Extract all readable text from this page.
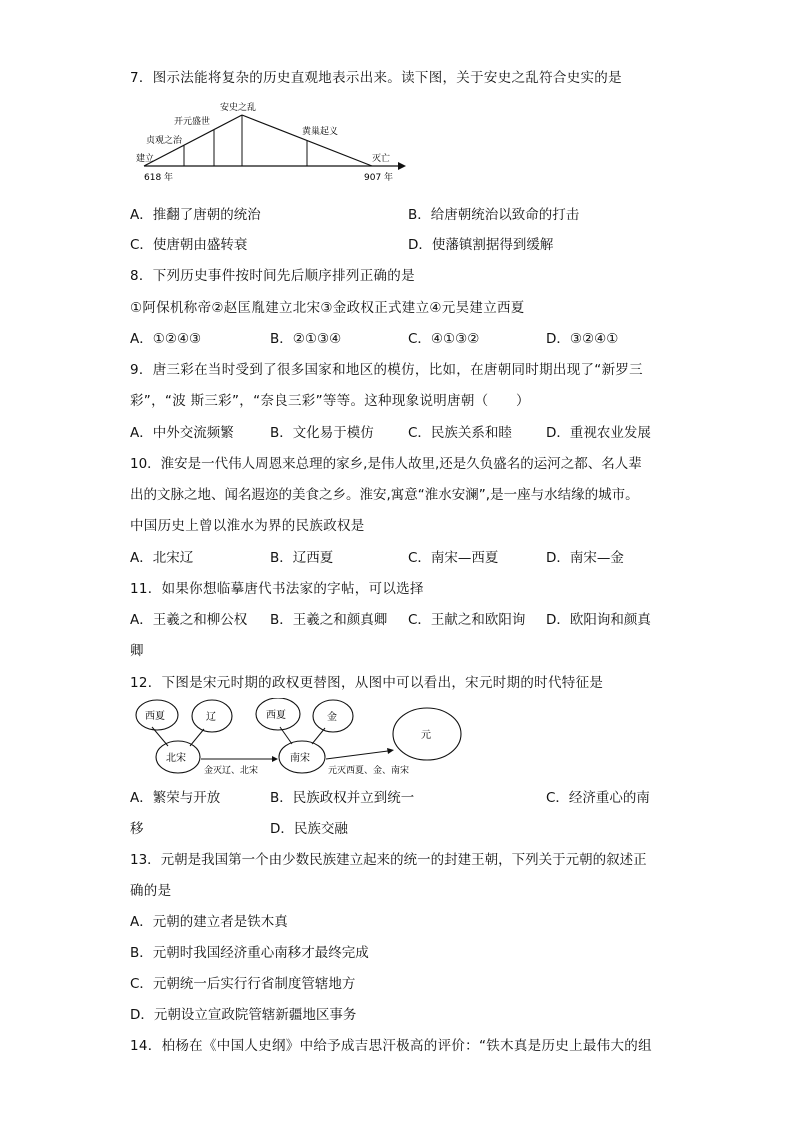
7．图示法能将复杂的历史直观地表示出来。读下图，关于安史之乱符合史实的是
安史之乱
开元盛世
贞观之治
建立
黄巢起义
灭亡
618 年	907 年
A．推翻了唐朝的统治	B．给唐朝统治以致命的打击
C．使唐朝由盛转衰	D．使藩镇割据得到缓解
8．下列历史事件按时间先后顺序排列正确的是
①阿保机称帝②赵匡胤建立北宋③金政权正式建立④元昊建立西夏
A．①②④③	B．②①③④	C．④①③②	D．③②④①
9．唐三彩在当时受到了很多国家和地区的模仿，比如，在唐朝同时期出现了“新罗三
彩”，“波 斯三彩”，“奈良三彩”等等。这种现象说明唐朝（　　）
A．中外交流频繁	B．文化易于模仿	C．民族关系和睦	D．重视农业发展
10．淮安是一代伟人周恩来总理的家乡,是伟人故里,还是久负盛名的运河之都、名人辈
出的文脉之地、闻名遐迩的美食之乡。淮安,寓意“淮水安澜”,是一座与水结缘的城市。
中国历史上曾以淮水为界的民族政权是
A．北宋辽	B．辽西夏	C．南宋—西夏	D．南宋—金
11．如果你想临摹唐代书法家的字帖，可以选择
A．王羲之和柳公权 B．王羲之和颜真卿 C．王献之和欧阳询 D．欧阳询和颜真
卿
12．下图是宋元时期的政权更替图，从图中可以看出，宋元时期的时代特征是
西夏	辽
北宋
西夏	金
南宋
元
金灭辽、北宋	元灭西夏、金、南宋
A．繁荣与开放	B．民族政权并立到统一	C．经济重心的南
移	D．民族交融
13．元朝是我国第一个由少数民族建立起来的统一的封建王朝，下列关于元朝的叙述正
确的是
A．元朝的建立者是铁木真
B．元朝时我国经济重心南移才最终完成
C．元朝统一后实行行省制度管辖地方
D．元朝设立宣政院管辖新疆地区事务
14．柏杨在《中国人史纲》中给予成吉思汗极高的评价：“铁木真是历史上最伟大的组
